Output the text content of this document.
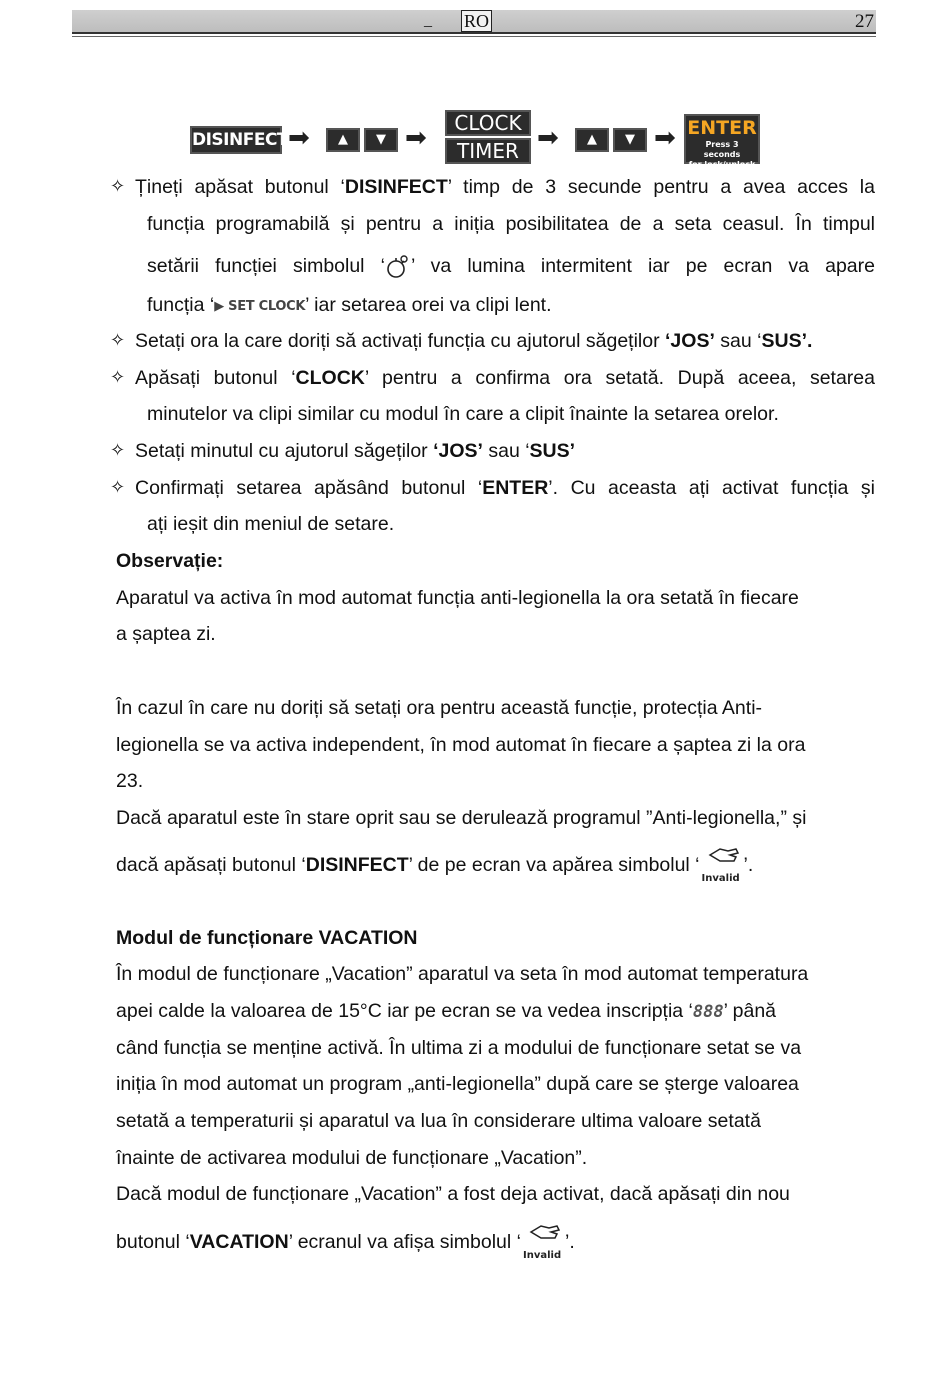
_ RO	27
DISINFECT ➡	▲	▼ ➡	CLOCK
TIMER ➡	▲	▼ ➡ ENTER
Press 3 seconds
for lock/unlock
✧ Țineți apăsat butonul ‘DISINFECT’ timp de 3 secunde pentru a avea acces la
funcția programabilă și pentru a iniția posibilitatea de a seta ceasul. În timpul
setării funcției simbolul ‘ ’ va lumina intermitent iar pe ecran va apare
funcția ‘▶ SET CLOCK’ iar setarea orei va clipi lent.
✧ Setați ora la care doriți să activați funcția cu ajutorul săgeților ‘JOS’ sau ‘SUS’.
✧ Apăsați butonul ‘CLOCK’ pentru a confirma ora setată. După aceea, setarea
minutelor va clipi similar cu modul în care a clipit înainte la setarea orelor.
✧ Setați minutul cu ajutorul săgeților ‘JOS’ sau ‘SUS’
✧ Confirmați setarea apăsând butonul ‘ENTER’. Cu aceasta ați activat funcția și
ați ieșit din meniul de setare.
Observație:
Aparatul va activa în mod automat funcția anti-legionella la ora setată în fiecare
a șaptea zi.
În cazul în care nu doriți să setați ora pentru această funcție, protecția Anti-
legionella se va activa independent, în mod automat în fiecare a șaptea zi la ora
23.
Dacă aparatul este în stare oprit sau se derulează programul ”Anti-legionella,” și
dacă apăsați butonul ‘DISINFECT’ de pe ecran va apărea simbolul ‘
Invalid
’.
Modul de funcționare VACATION
În modul de funcționare „Vacation” aparatul va seta în mod automat temperatura
apei calde la valoarea de 15°C iar pe ecran se va vedea inscripția ‘888’ până
când funcția se menține activă. În ultima zi a modului de funcționare setat se va
iniția în mod automat un program „anti-legionella” după care se șterge valoarea
setată a temperaturii și aparatul va lua în considerare ultima valoare setată
înainte de activarea modului de funcționare „Vacation”.
Dacă modul de funcționare „Vacation” a fost deja activat, dacă apăsați din nou
butonul ‘VACATION’ ecranul va afișa simbolul ‘
Invalid
’.
